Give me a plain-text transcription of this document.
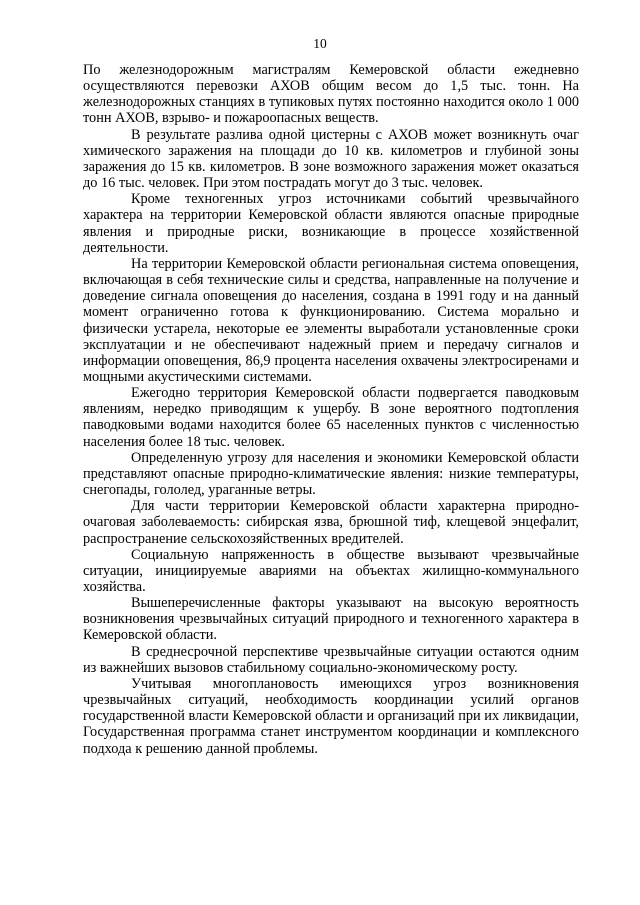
10

По железнодорожным магистралям Кемеровской области ежедневно осуществляются перевозки АХОВ общим весом до 1,5 тыс. тонн. На железнодорожных станциях в тупиковых путях постоянно находится около 1 000 тонн АХОВ, взрыво- и пожароопасных веществ.

В результате разлива одной цистерны с АХОВ может возникнуть очаг химического заражения на площади до 10 кв. километров и глубиной зоны заражения до 15 кв. километров. В зоне возможного заражения может оказаться до 16 тыс. человек. При этом пострадать могут до 3 тыс. человек.

Кроме техногенных угроз источниками событий чрезвычайного характера на территории Кемеровской области являются опасные природные явления и природные риски, возникающие в процессе хозяйственной деятельности.

На территории Кемеровской области региональная система оповещения, включающая в себя технические силы и средства, направленные на получение и доведение сигнала оповещения до населения, создана в 1991 году и на данный момент ограниченно готова к функционированию. Система морально и физически устарела, некоторые ее элементы выработали установленные сроки эксплуатации и не обеспечивают надежный прием и передачу сигналов и информации оповещения, 86,9 процента населения охвачены электросиренами и мощными акустическими системами.

Ежегодно территория Кемеровской области подвергается паводковым явлениям, нередко приводящим к ущербу. В зоне вероятного подтопления паводковыми водами находится более 65 населенных пунктов с численностью населения более 18 тыс. человек.

Определенную угрозу для населения и экономики Кемеровской области представляют опасные природно-климатические явления: низкие температуры, снегопады, гололед, ураганные ветры.

Для части территории Кемеровской области характерна природно-очаговая заболеваемость: сибирская язва, брюшной тиф, клещевой энцефалит, распространение сельскохозяйственных вредителей.

Социальную напряженность в обществе вызывают чрезвычайные ситуации, инициируемые авариями на объектах жилищно-коммунального хозяйства.

Вышеперечисленные факторы указывают на высокую вероятность возникновения чрезвычайных ситуаций природного и техногенного характера в Кемеровской области.

В среднесрочной перспективе чрезвычайные ситуации остаются одним из важнейших вызовов стабильному социально-экономическому росту.

Учитывая многоплановость имеющихся угроз возникновения чрезвычайных ситуаций, необходимость координации усилий органов государственной власти Кемеровской области и организаций при их ликвидации, Государственная программа станет инструментом координации и комплексного подхода к решению данной проблемы.
